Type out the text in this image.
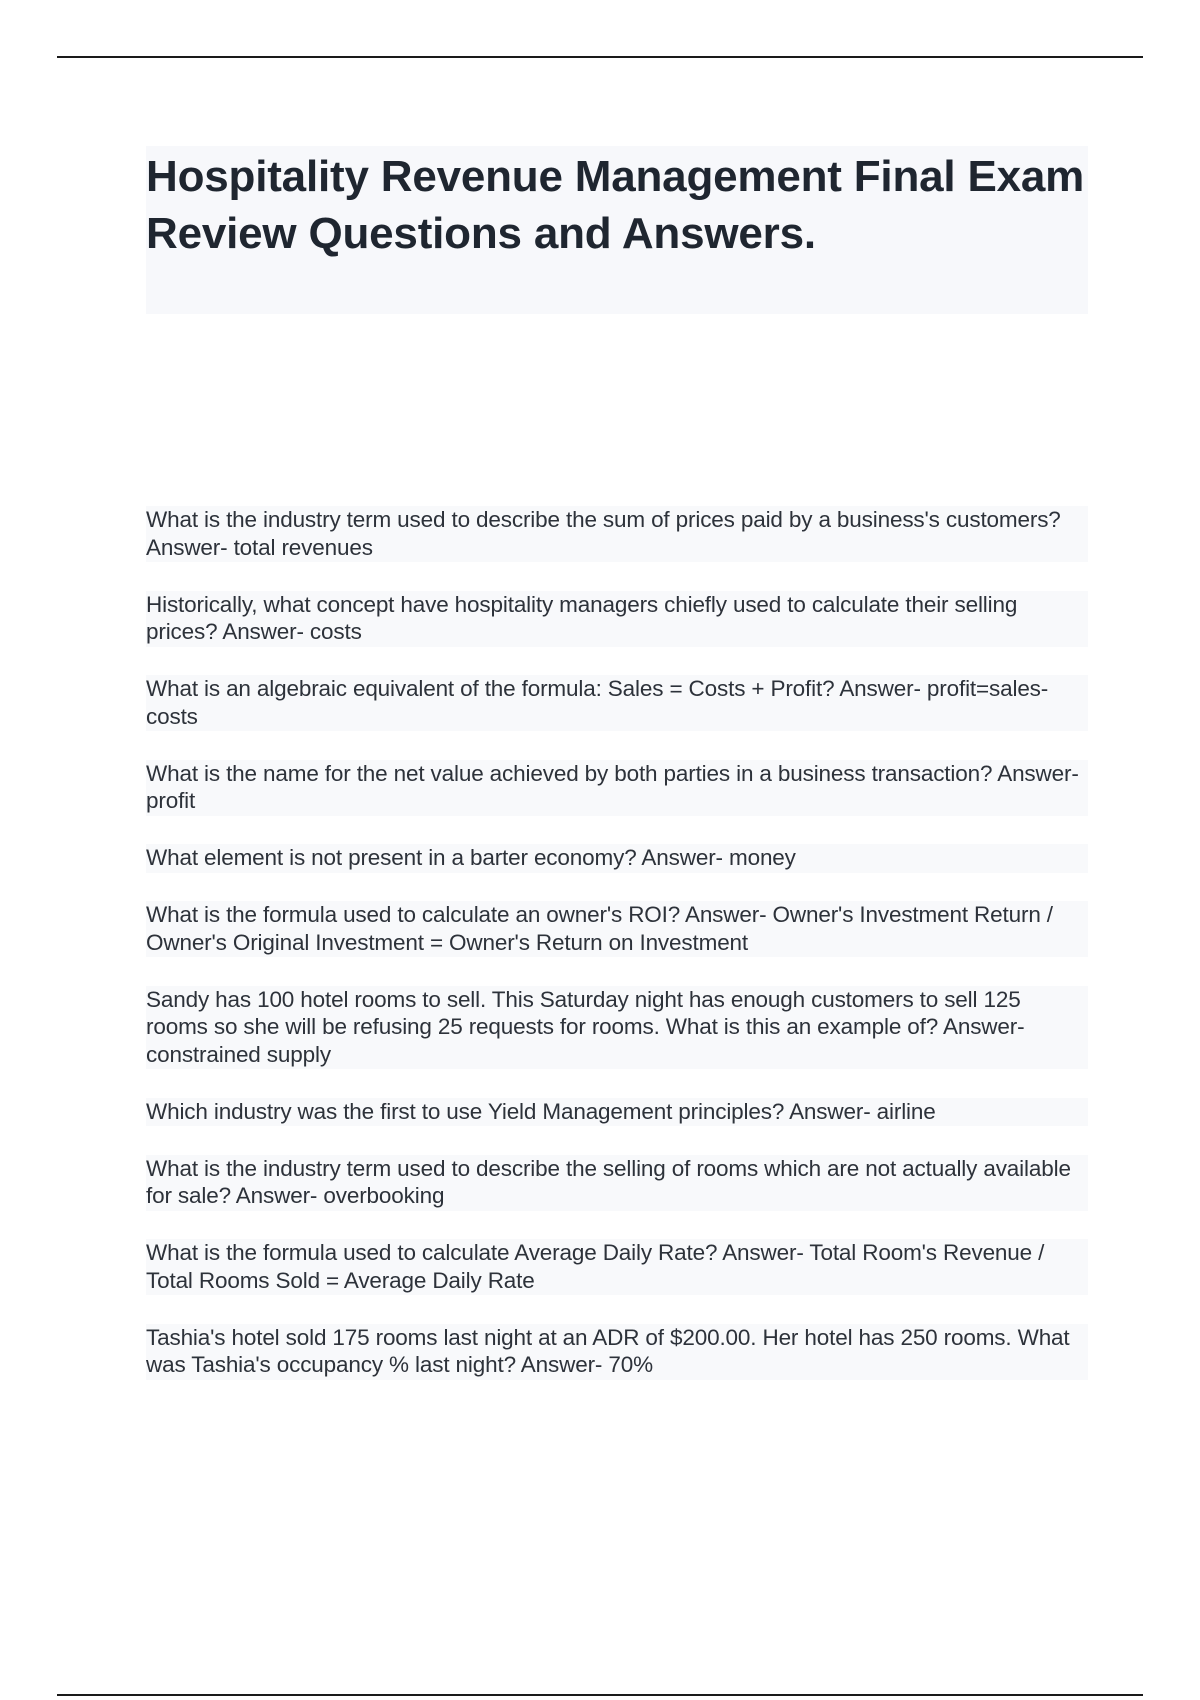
Hospitality Revenue Management Final Exam Review Questions and Answers.
What is the industry term used to describe the sum of prices paid by a business's customers? Answer- total revenues
Historically, what concept have hospitality managers chiefly used to calculate their selling prices? Answer- costs
What is an algebraic equivalent of the formula: Sales = Costs + Profit? Answer- profit=sales-costs
What is the name for the net value achieved by both parties in a business transaction? Answer- profit
What element is not present in a barter economy? Answer- money
What is the formula used to calculate an owner's ROI? Answer- Owner's Investment Return / Owner's Original Investment = Owner's Return on Investment
Sandy has 100 hotel rooms to sell. This Saturday night has enough customers to sell 125 rooms so she will be refusing 25 requests for rooms. What is this an example of? Answer- constrained supply
Which industry was the first to use Yield Management principles? Answer- airline
What is the industry term used to describe the selling of rooms which are not actually available for sale? Answer- overbooking
What is the formula used to calculate Average Daily Rate? Answer- Total Room's Revenue / Total Rooms Sold = Average Daily Rate
Tashia's hotel sold 175 rooms last night at an ADR of $200.00. Her hotel has 250 rooms. What was Tashia's occupancy % last night? Answer- 70%
